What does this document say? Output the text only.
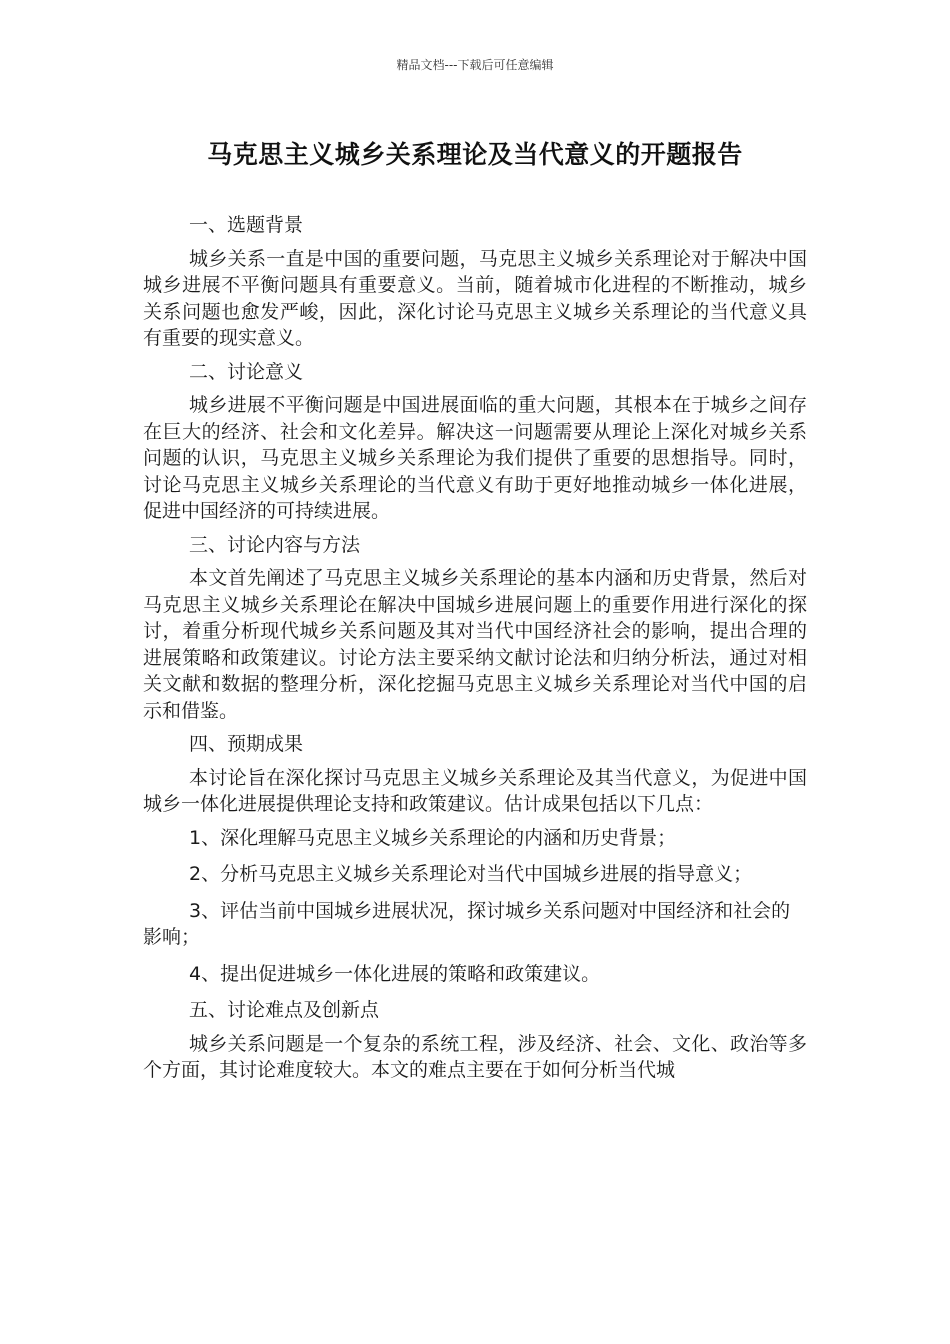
精品文档---下载后可任意编辑
马克思主义城乡关系理论及当代意义的开题报告

一、选题背景

城乡关系一直是中国的重要问题，马克思主义城乡关系理论对于解决中国城乡进展不平衡问题具有重要意义。当前，随着城市化进程的不断推动，城乡关系问题也愈发严峻，因此，深化讨论马克思主义城乡关系理论的当代意义具有重要的现实意义。

二、讨论意义

城乡进展不平衡问题是中国进展面临的重大问题，其根本在于城乡之间存在巨大的经济、社会和文化差异。解决这一问题需要从理论上深化对城乡关系问题的认识，马克思主义城乡关系理论为我们提供了重要的思想指导。同时，讨论马克思主义城乡关系理论的当代意义有助于更好地推动城乡一体化进展，促进中国经济的可持续进展。

三、讨论内容与方法

本文首先阐述了马克思主义城乡关系理论的基本内涵和历史背景，然后对马克思主义城乡关系理论在解决中国城乡进展问题上的重要作用进行深化的探讨，着重分析现代城乡关系问题及其对当代中国经济社会的影响，提出合理的进展策略和政策建议。讨论方法主要采纳文献讨论法和归纳分析法，通过对相关文献和数据的整理分析，深化挖掘马克思主义城乡关系理论对当代中国的启示和借鉴。

四、预期成果

本讨论旨在深化探讨马克思主义城乡关系理论及其当代意义，为促进中国城乡一体化进展提供理论支持和政策建议。估计成果包括以下几点：

1、深化理解马克思主义城乡关系理论的内涵和历史背景；

2、分析马克思主义城乡关系理论对当代中国城乡进展的指导意义；

3、评估当前中国城乡进展状况，探讨城乡关系问题对中国经济和社会的影响；

4、提出促进城乡一体化进展的策略和政策建议。

五、讨论难点及创新点

城乡关系问题是一个复杂的系统工程，涉及经济、社会、文化、政治等多个方面，其讨论难度较大。本文的难点主要在于如何分析当代城
